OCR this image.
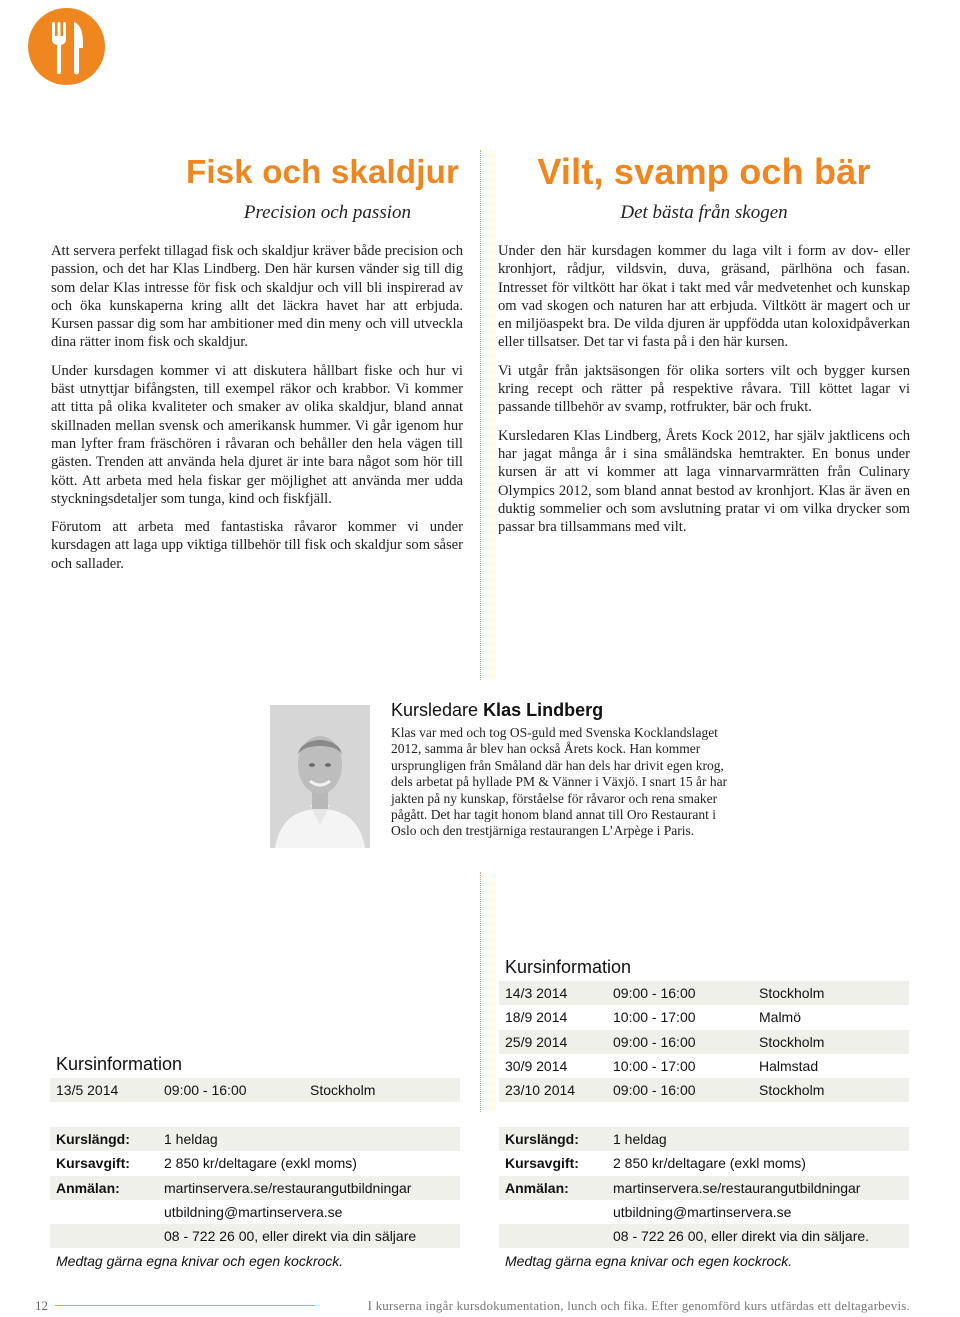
Fisk och skaldjur
Precision och passion

Att servera perfekt tillagad fisk och skaldjur kräver både precision och passion, och det har Klas Lindberg. Den här kursen vänder sig till dig som delar Klas intresse för fisk och skaldjur och vill bli inspirerad av och öka kunskaperna kring allt det läckra havet har att erbjuda. Kursen passar dig som har ambitioner med din meny och vill utveckla dina rätter inom fisk och skaldjur.

Under kursdagen kommer vi att diskutera hållbart fiske och hur vi bäst utnyttjar bifångsten, till exempel räkor och krabbor. Vi kommer att titta på olika kvaliteter och smaker av olika skaldjur, bland annat skillnaden mellan svensk och amerikansk hummer. Vi går igenom hur man lyfter fram fräschören i råvaran och behåller den hela vägen till gästen. Trenden att använda hela djuret är inte bara något som hör till kött. Att arbeta med hela fiskar ger möjlighet att använda mer udda styckningsdetaljer som tunga, kind och fiskfjäll.

Förutom att arbeta med fantastiska råvaror kommer vi under kursdagen att laga upp viktiga tillbehör till fisk och skaldjur som såser och sallader.

Vilt, svamp och bär
Det bästa från skogen

Under den här kursdagen kommer du laga vilt i form av dov- eller kronhjort, rådjur, vildsvin, duva, gräsand, pärlhöna och fasan. Intresset för viltkött har ökat i takt med vår medvetenhet och kunskap om vad skogen och naturen har att erbjuda. Viltkött är magert och ur en miljöaspekt bra. De vilda djuren är uppfödda utan koloxidpåverkan eller tillsatser. Det tar vi fasta på i den här kursen.

Vi utgår från jaktsäsongen för olika sorters vilt och bygger kursen kring recept och rätter på respektive råvara. Till köttet lagar vi passande tillbehör av svamp, rotfrukter, bär och frukt.

Kursledaren Klas Lindberg, Årets Kock 2012, har själv jaktlicens och har jagat många år i sina småländska hemtrakter. En bonus under kursen är att vi kommer att laga vinnarvarmrätten från Culinary Olympics 2012, som bland annat bestod av kronhjort. Klas är även en duktig sommelier och som avslutning pratar vi om vilka drycker som passar bra tillsammans med vilt.

Kursledare Klas Lindberg

Klas var med och tog OS-guld med Svenska Kocklandslaget 2012, samma år blev han också Årets kock. Han kommer ursprungligen från Småland där han dels har drivit egen krog, dels arbetat på hyllade PM & Vänner i Växjö. I snart 15 år har jakten på ny kunskap, förståelse för råvaror och rena smaker pågått. Det har tagit honom bland annat till Oro Restaurant i Oslo och den trestjärniga restaurangen L’Arpège i Paris.

Kursinformation
13/5 2014	09:00 - 16:00	Stockholm
Kurslängd:	1 heldag
Kursavgift:	2 850 kr/deltagare (exkl moms)
Anmälan:	martinservera.se/restaurangutbildningar
utbildning@martinservera.se
08 - 722 26 00, eller direkt via din säljare
Medtag gärna egna knivar och egen kockrock.
Kursinformation
14/3 2014	09:00 - 16:00	Stockholm
18/9 2014	10:00 - 17:00	Malmö
25/9 2014	09:00 - 16:00	Stockholm
30/9 2014	10:00 - 17:00	Halmstad
23/10 2014	09:00 - 16:00	Stockholm
Kurslängd:	1 heldag
Kursavgift:	2 850 kr/deltagare (exkl moms)
Anmälan:	martinservera.se/restaurangutbildningar
utbildning@martinservera.se
08 - 722 26 00, eller direkt via din säljare.
Medtag gärna egna knivar och egen kockrock.
12	I kurserna ingår kursdokumentation, lunch och fika. Efter genomförd kurs utfärdas ett deltagarbevis.
